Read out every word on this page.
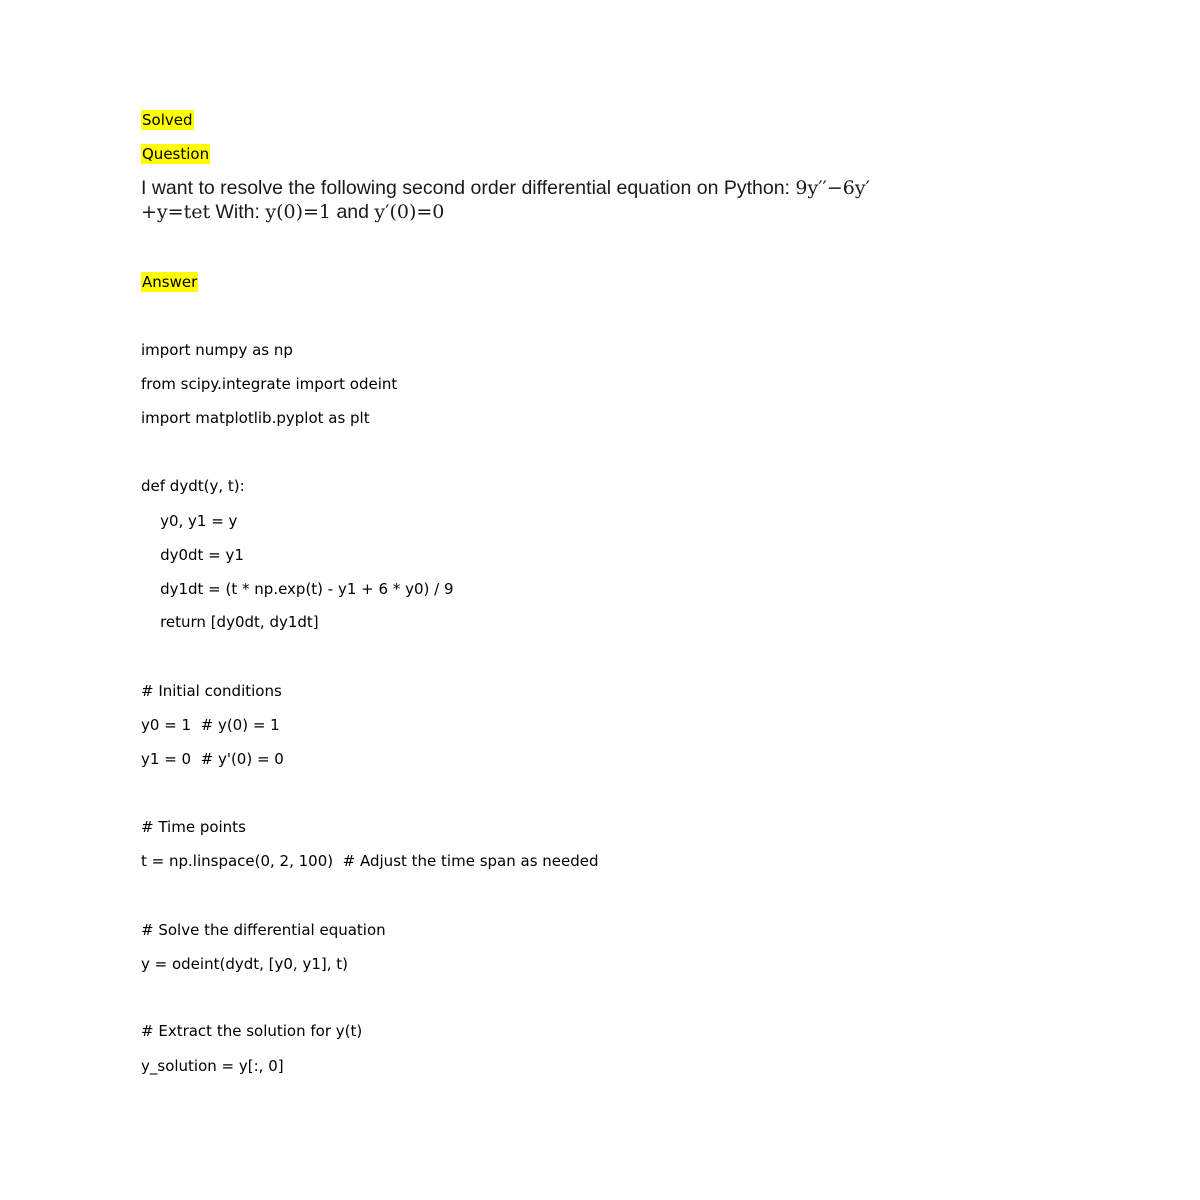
Solved
Question
I want to resolve the following second order differential equation on Python: 9y′′−6y′
+y=tet With: y(0)=1 and y′(0)=0
Answer
import numpy as np
from scipy.integrate import odeint
import matplotlib.pyplot as plt
def dydt(y, t):
y0, y1 = y
dy0dt = y1
dy1dt = (t * np.exp(t) - y1 + 6 * y0) / 9
return [dy0dt, dy1dt]
# Initial conditions
y0 = 1  # y(0) = 1
y1 = 0  # y'(0) = 0
# Time points
t = np.linspace(0, 2, 100)  # Adjust the time span as needed
# Solve the differential equation
y = odeint(dydt, [y0, y1], t)
# Extract the solution for y(t)
y_solution = y[:, 0]
